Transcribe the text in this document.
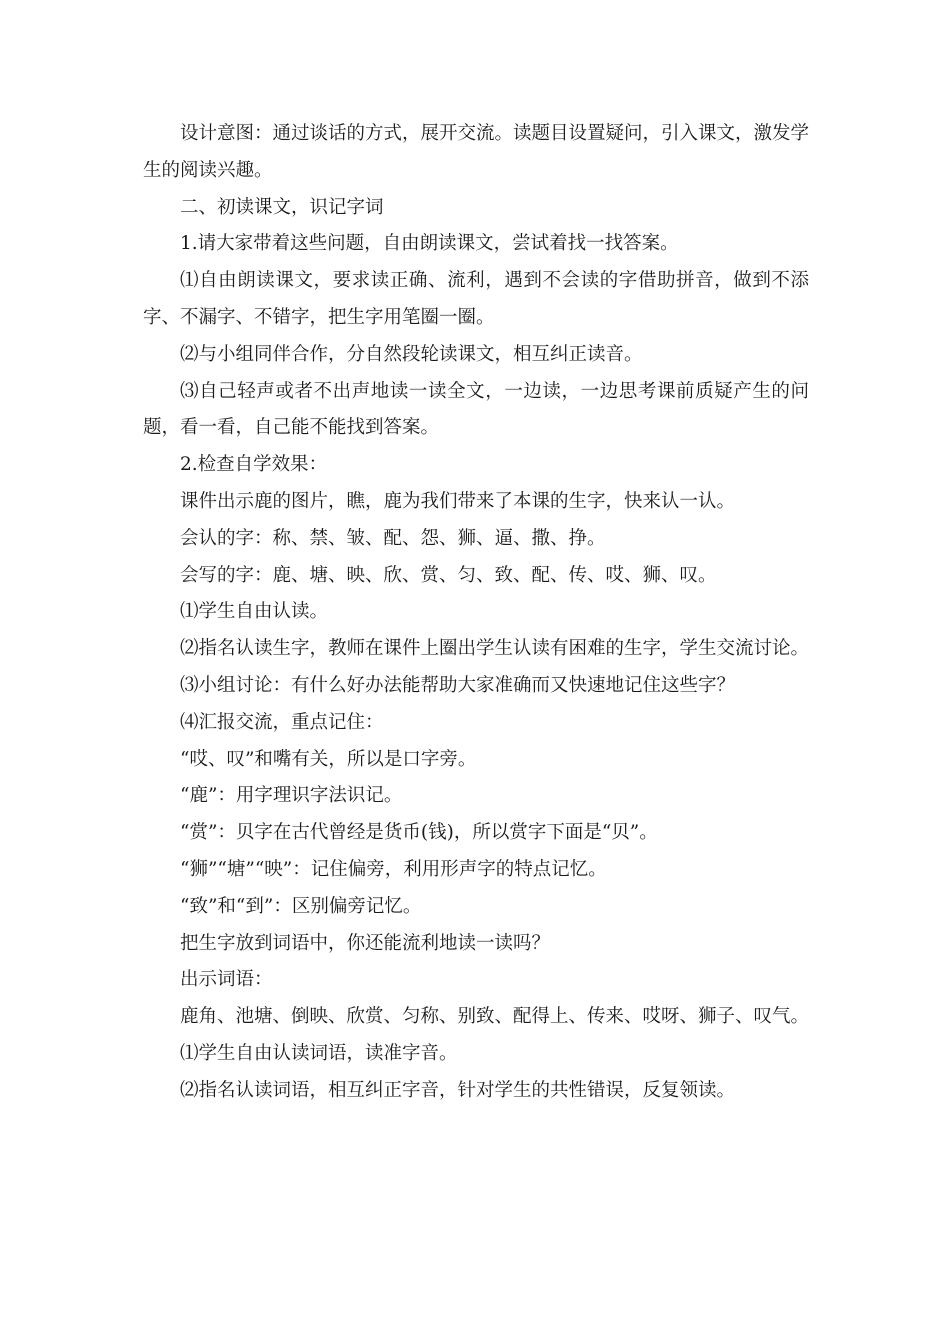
设计意图：通过谈话的方式，展开交流。读题目设置疑问，引入课文，激发学生的阅读兴趣。

二、初读课文，识记字词

1.请大家带着这些问题，自由朗读课文，尝试着找一找答案。

⑴自由朗读课文，要求读正确、流利，遇到不会读的字借助拼音，做到不添字、不漏字、不错字，把生字用笔圈一圈。

⑵与小组同伴合作，分自然段轮读课文，相互纠正读音。

⑶自己轻声或者不出声地读一读全文，一边读，一边思考课前质疑产生的问题，看一看，自己能不能找到答案。

2.检查自学效果：

课件出示鹿的图片，瞧，鹿为我们带来了本课的生字，快来认一认。

会认的字：称、禁、皱、配、怨、狮、逼、撒、挣。

会写的字：鹿、塘、映、欣、赏、匀、致、配、传、哎、狮、叹。

⑴学生自由认读。

⑵指名认读生字，教师在课件上圈出学生认读有困难的生字，学生交流讨论。

⑶小组讨论：有什么好办法能帮助大家准确而又快速地记住这些字？

⑷汇报交流，重点记住：

“哎、叹”和嘴有关，所以是口字旁。

“鹿”：用字理识字法识记。

“赏”：贝字在古代曾经是货币(钱)，所以赏字下面是“贝”。

“狮”“塘”“映”：记住偏旁，利用形声字的特点记忆。

“致”和“到”：区别偏旁记忆。

把生字放到词语中，你还能流利地读一读吗？

出示词语：

鹿角、池塘、倒映、欣赏、匀称、别致、配得上、传来、哎呀、狮子、叹气。

⑴学生自由认读词语，读准字音。

⑵指名认读词语，相互纠正字音，针对学生的共性错误，反复领读。
